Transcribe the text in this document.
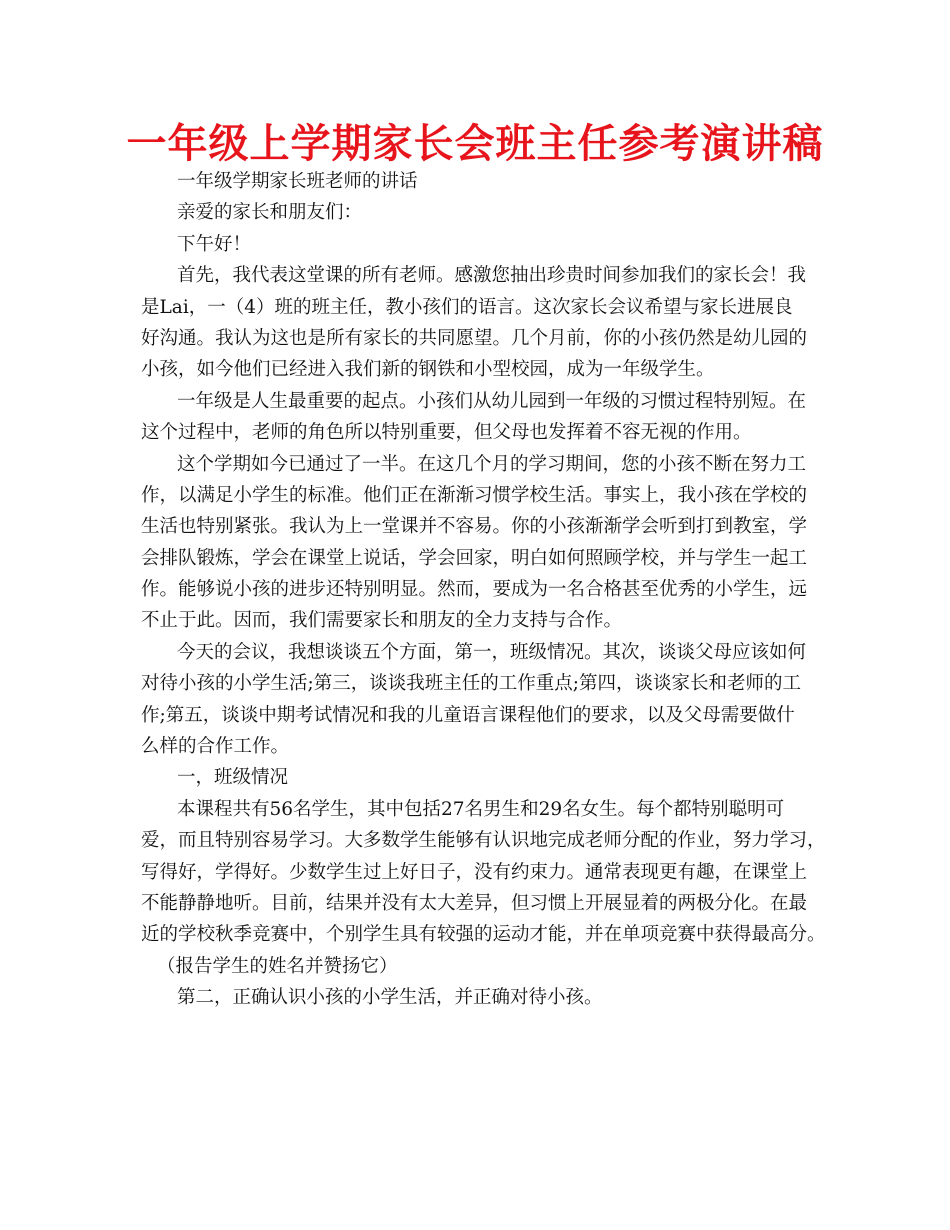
一年级上学期家长会班主任参考演讲稿
一年级学期家长班老师的讲话
亲爱的家长和朋友们：
下午好！
首先，我代表这堂课的所有老师。感激您抽出珍贵时间参加我们的家长会！我
是Lai，一（4）班的班主任，教小孩们的语言。这次家长会议希望与家长进展良
好沟通。我认为这也是所有家长的共同愿望。几个月前，你的小孩仍然是幼儿园的
小孩，如今他们已经进入我们新的钢铁和小型校园，成为一年级学生。
一年级是人生最重要的起点。小孩们从幼儿园到一年级的习惯过程特别短。在
这个过程中，老师的角色所以特别重要，但父母也发挥着不容无视的作用。
这个学期如今已通过了一半。在这几个月的学习期间，您的小孩不断在努力工
作，以满足小学生的标准。他们正在渐渐习惯学校生活。事实上，我小孩在学校的
生活也特别紧张。我认为上一堂课并不容易。你的小孩渐渐学会听到打到教室，学
会排队锻炼，学会在课堂上说话，学会回家，明白如何照顾学校，并与学生一起工
作。能够说小孩的进步还特别明显。然而，要成为一名合格甚至优秀的小学生，远
不止于此。因而，我们需要家长和朋友的全力支持与合作。
今天的会议，我想谈谈五个方面，第一，班级情况。其次，谈谈父母应该如何
对待小孩的小学生活;第三，谈谈我班主任的工作重点;第四，谈谈家长和老师的工
作;第五，谈谈中期考试情况和我的儿童语言课程他们的要求，以及父母需要做什
么样的合作工作。
一，班级情况
本课程共有56名学生，其中包括27名男生和29名女生。每个都特别聪明可
爱，而且特别容易学习。大多数学生能够有认识地完成老师分配的作业，努力学习，
写得好，学得好。少数学生过上好日子，没有约束力。通常表现更有趣，在课堂上
不能静静地听。目前，结果并没有太大差异，但习惯上开展显着的两极分化。在最
近的学校秋季竞赛中，个别学生具有较强的运动才能，并在单项竞赛中获得最高分。
（报告学生的姓名并赞扬它）
第二，正确认识小孩的小学生活，并正确对待小孩。
